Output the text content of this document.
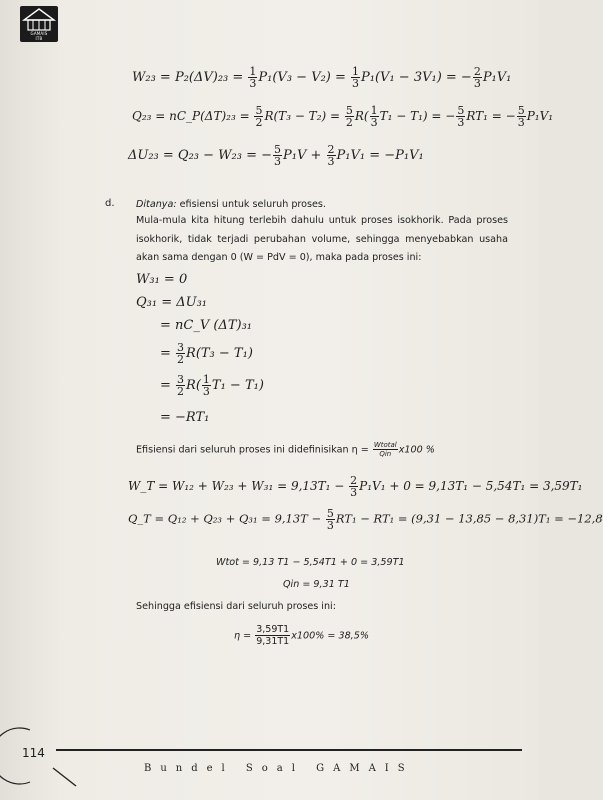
GAMAIS
ITB
$W_{23} = P_2(\Delta V)_{23} = \frac{1}{3} P_1(V_3 - V_2) = \frac{1}{3} P_1(V_1 - 3V_1)$ = − $\frac{2}{3} P_1V_1$
Q₂₃ = nC_P(ΔT)₂₃ = $\frac{5}{2} R(T_3 - T_2) = \frac{5}{2} R( \frac{1}{3} T_1 - T_1)$ = − $\frac{5}{3} RT_1$ = − $\frac{5}{3} P_1V_1$
ΔU₂₃ = Q₂₃ − W₂₃ = − $\frac{5}{3} P_1V + \frac{2}{3} P_1V_1 = -P_1V_1$
d. Ditanya: efisiensi untuk seluruh proses.
Mula-mula kita hitung terlebih dahulu untuk proses isokhorik. Pada proses isokhorik, tidak terjadi perubahan volume, sehingga menyebabkan usaha akan sama dengan 0 (W = PdV = 0), maka pada proses ini:
W₃₁ = 0
Q₃₁ = ΔU₃₁
= nC_V (ΔT)₃₁
= $\frac{3}{2} R(T_3 - T_1)$
= $\frac{3}{2} R( \frac{1}{3} T_1 - T_1)$
= −RT₁
Efisiensi dari seluruh proses ini didefinisikan $\eta = \frac{\text{Wtotal}}{\text{Qin}} x100$ %
W_T = $W_{12} + W_{23} + W_{31} = 9,13T_1 - \frac{2}{3} P_1V_1 + 0 = 9,13T_1 - 5,54T_1 = 3,59T_1$
Q_T = $Q_{12} + Q_{23} + Q_{31} = 9,13T - \frac{5}{3} RT_1 - RT_1 = (9,31 - 13,85 - 8,31)T_1 = -12,8$
Wtot = 9,13 T1 − 5,54T1 + 0 = 3,59T1
Qin = 9,31 T1
Sehingga efisiensi dari seluruh proses ini:
$\eta = \frac{3,59T1}{9,31T1} x100\% = 38,5\%$
114
Bundel Soal GAMAIS
